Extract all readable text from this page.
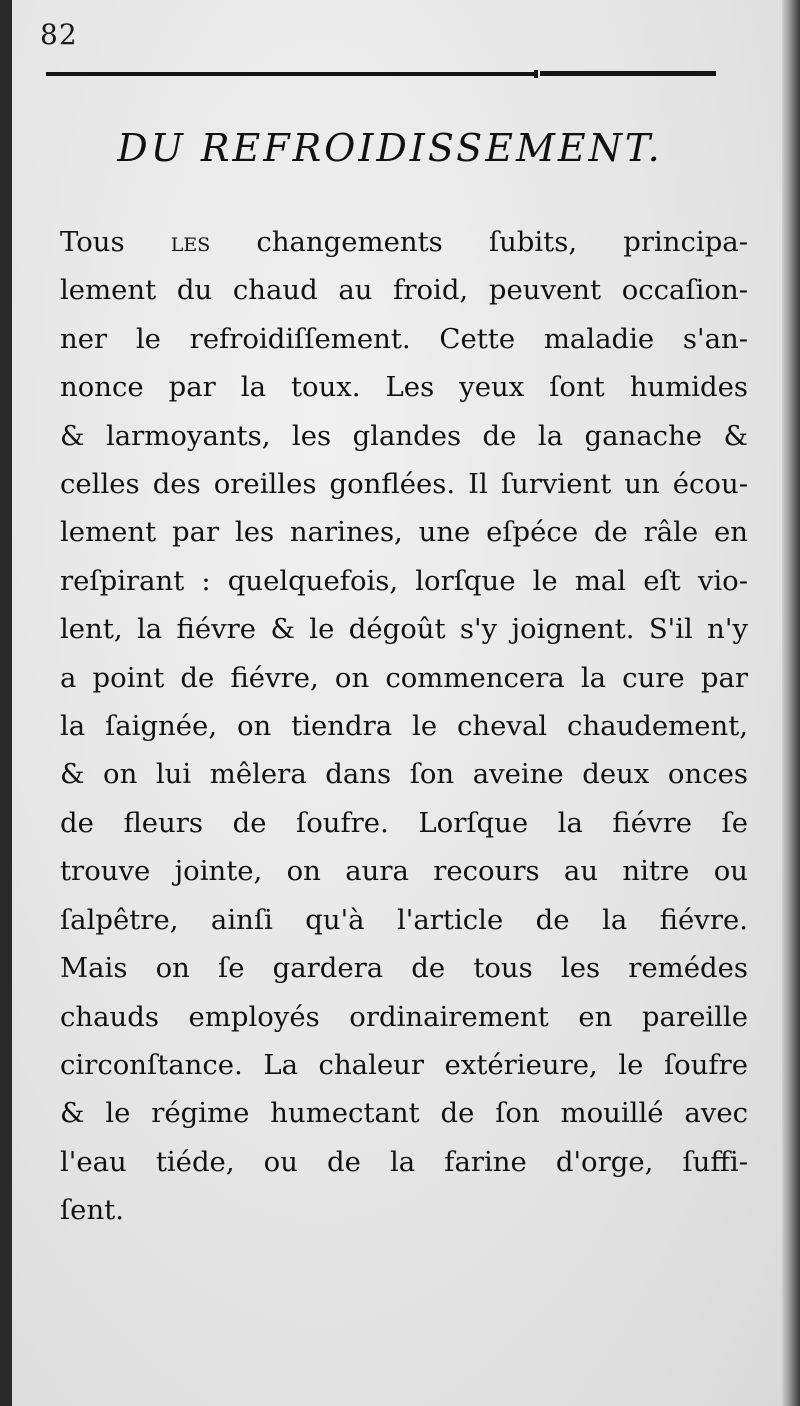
82
DU REFROIDISSEMENT.
Tous les changements ſubits, principa-
lement du chaud au froid, peuvent occaſion-
ner le refroidiſſement. Cette maladie s'an-
nonce par la toux. Les yeux ſont humides
& larmoyants, les glandes de la ganache &
celles des oreilles gonflées. Il ſurvient un écou-
lement par les narines, une eſpéce de râle en
reſpirant : quelquefois, lorſque le mal eſt vio-
lent, la fiévre & le dégoût s'y joignent. S'il n'y
a point de fiévre, on commencera la cure par
la ſaignée, on tiendra le cheval chaudement,
& on lui mêlera dans ſon aveine deux onces
de fleurs de ſoufre. Lorſque la fiévre ſe
trouve jointe, on aura recours au nitre ou
ſalpêtre, ainſi qu'à l'article de la fiévre.
Mais on ſe gardera de tous les remédes
chauds employés ordinairement en pareille
circonſtance. La chaleur extérieure, le ſoufre
& le régime humectant de ſon mouillé avec
l'eau tiéde, ou de la farine d'orge, ſuffi-
ſent.
